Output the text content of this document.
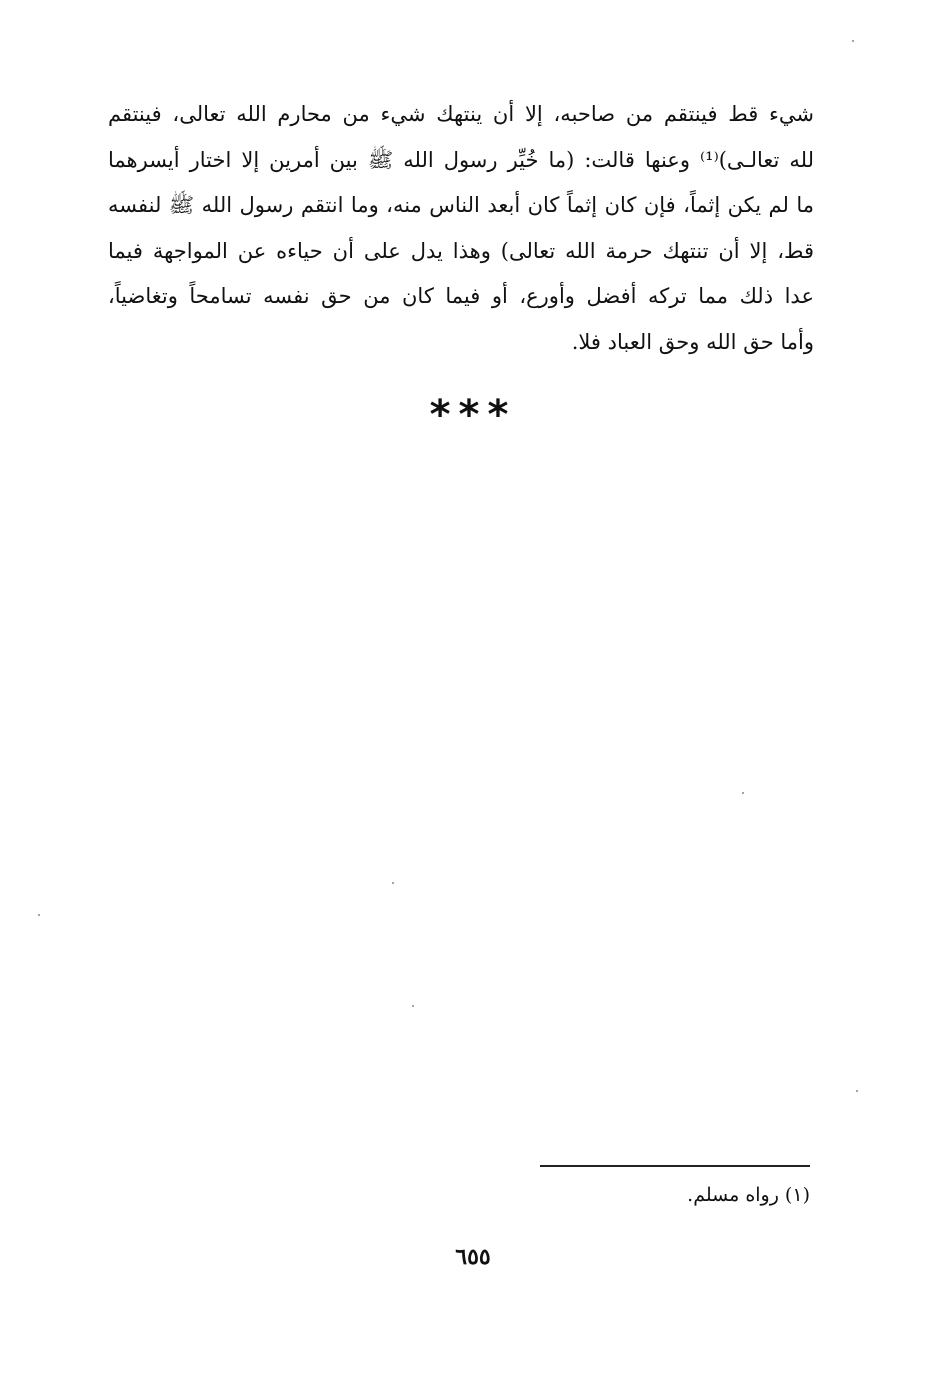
شيء قط فينتقم من صاحبه، إلا أن ينتهك شيء من محارم الله تعالى، فينتقم
لله تعالـى)⁽¹⁾ وعنها قالت: (ما خُيِّر رسول الله ﷺ بين أمرين إلا اختار أيسرهما
ما لم يكن إثماً، فإن كان إثماً كان أبعد الناس منه، وما انتقم رسول الله ﷺ لنفسه
قط، إلا أن تنتهك حرمة الله تعالى) وهذا يدل على أن حياءه عن المواجهة فيما
عدا ذلك مما تركه أفضل وأورع، أو فيما كان من حق نفسه تسامحاً وتغاضياً،
وأما حق الله وحق العباد فلا.
***
(١) رواه مسلم.
٦٥٥
